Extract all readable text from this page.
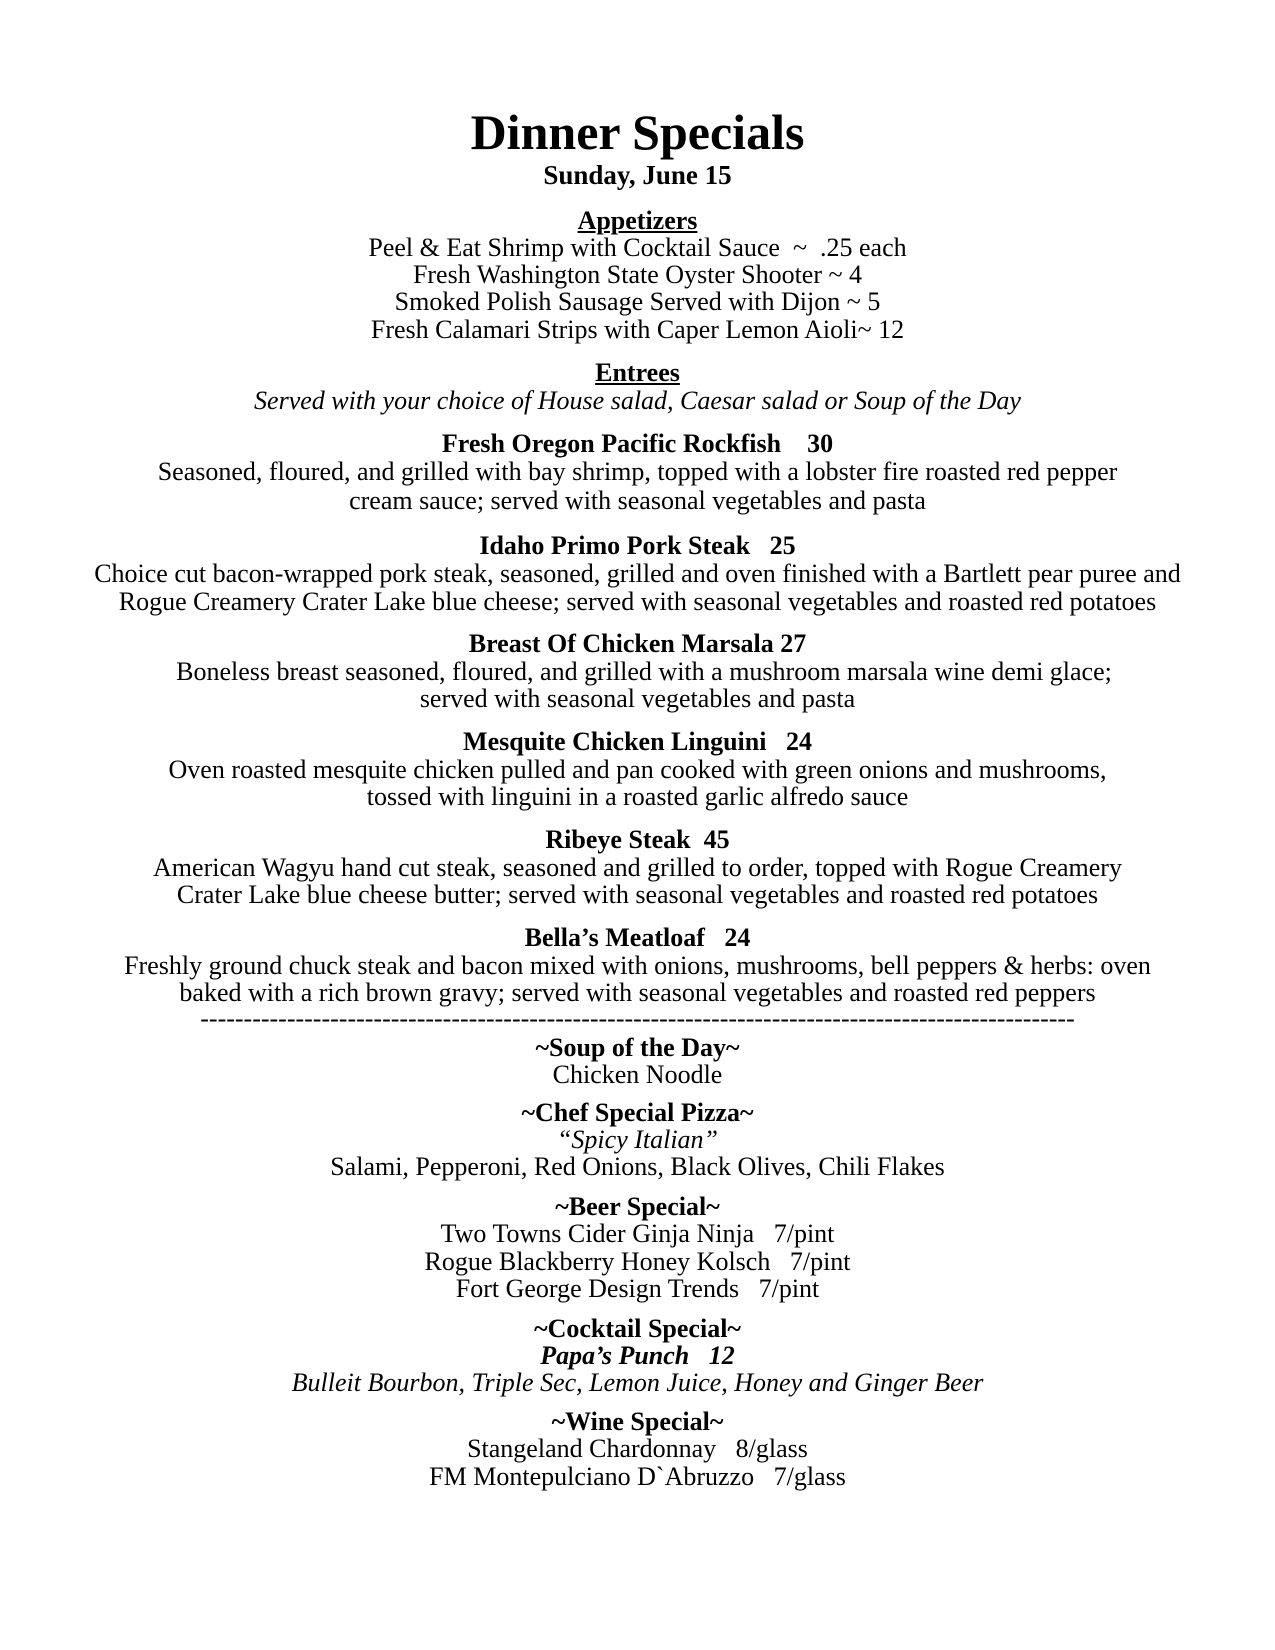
Dinner Specials
Sunday, June 15
Appetizers
Peel & Eat Shrimp with Cocktail Sauce  ~  .25 each
Fresh Washington State Oyster Shooter ~ 4
Smoked Polish Sausage Served with Dijon ~ 5
Fresh Calamari Strips with Caper Lemon Aioli~ 12
Entrees
Served with your choice of House salad, Caesar salad or Soup of the Day
Fresh Oregon Pacific Rockfish    30
Seasoned, floured, and grilled with bay shrimp, topped with a lobster fire roasted red pepper
cream sauce; served with seasonal vegetables and pasta
Idaho Primo Pork Steak   25
Choice cut bacon-wrapped pork steak, seasoned, grilled and oven finished with a Bartlett pear puree and
Rogue Creamery Crater Lake blue cheese; served with seasonal vegetables and roasted red potatoes
Breast Of Chicken Marsala 27
Boneless breast seasoned, floured, and grilled with a mushroom marsala wine demi glace;
served with seasonal vegetables and pasta
Mesquite Chicken Linguini   24
Oven roasted mesquite chicken pulled and pan cooked with green onions and mushrooms,
tossed with linguini in a roasted garlic alfredo sauce
Ribeye Steak  45
American Wagyu hand cut steak, seasoned and grilled to order, topped with Rogue Creamery
Crater Lake blue cheese butter; served with seasonal vegetables and roasted red potatoes
Bella’s Meatloaf   24
Freshly ground chuck steak and bacon mixed with onions, mushrooms, bell peppers & herbs: oven
baked with a rich brown gravy; served with seasonal vegetables and roasted red peppers
-----------------------------------------------------------------------------------------------------
~Soup of the Day~
Chicken Noodle
~Chef Special Pizza~
“Spicy Italian”
Salami, Pepperoni, Red Onions, Black Olives, Chili Flakes
~Beer Special~
Two Towns Cider Ginja Ninja   7/pint
Rogue Blackberry Honey Kolsch   7/pint
Fort George Design Trends   7/pint
~Cocktail Special~
Papa’s Punch   12
Bulleit Bourbon, Triple Sec, Lemon Juice, Honey and Ginger Beer
~Wine Special~
Stangeland Chardonnay   8/glass
FM Montepulciano D`Abruzzo   7/glass
